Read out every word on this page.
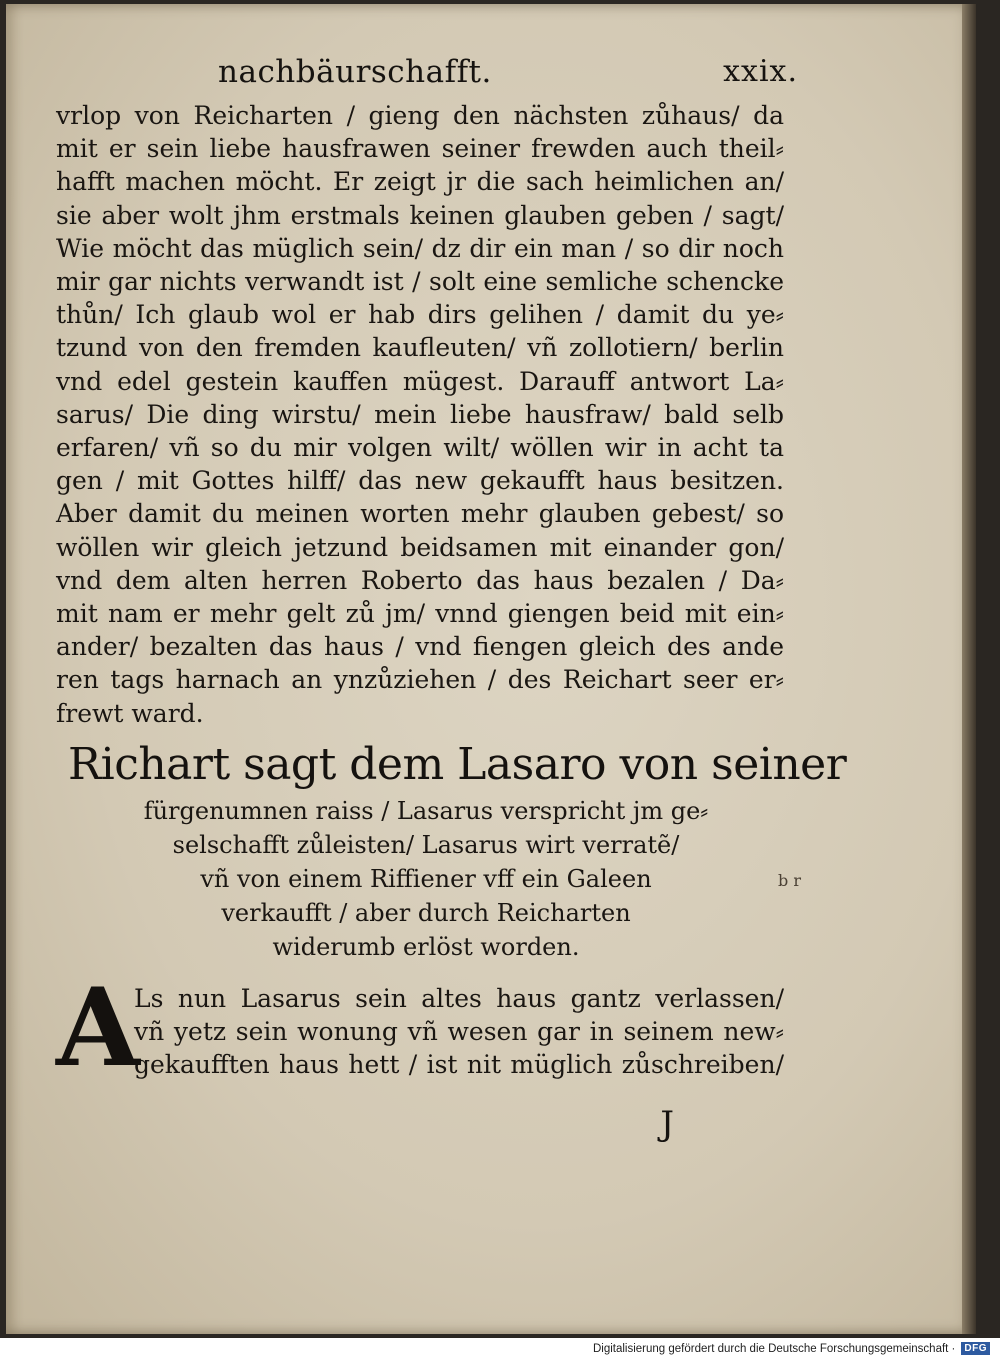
nachbäurschafft.	xxix.
vrlop von Reicharten / gieng den nächsten zůhaus/ da
mit er sein liebe hausfrawen seiner frewden auch theil⸗
hafft machen möcht. Er zeigt jr die sach heimlichen an/
sie aber wolt jhm erstmals keinen glauben geben / sagt/
Wie möcht das müglich sein/ dz dir ein man / so dir noch
mir gar nichts verwandt ist / solt eine semliche schencke
thůn/ Ich glaub wol er hab dirs gelihen / damit du ye⸗
tzund von den fremden kaufleuten/ vñ zollotiern/ berlin
vnd edel gestein kauffen mügest. Darauff antwort La⸗
sarus/ Die ding wirstu/ mein liebe hausfraw/ bald selb
erfaren/ vñ so du mir volgen wilt/ wöllen wir in acht ta
gen / mit Gottes hilff/ das new gekaufft haus besitzen.
Aber damit du meinen worten mehr glauben gebest/ so
wöllen wir gleich jetzund beidsamen mit einander gon/
vnd dem alten herren Roberto das haus bezalen / Da⸗
mit nam er mehr gelt zů jm/ vnnd giengen beid mit ein⸗
ander/ bezalten das haus / vnd fiengen gleich des ande
ren tags harnach an ynzůziehen / des Reichart seer er⸗
frewt ward.
Richart sagt dem Lasaro von seiner
fürgenumnen raiss / Lasarus verspricht jm ge⸗
selschafft zůleisten/ Lasarus wirt verratẽ/
vñ von einem Riffiener vff ein Galeen
verkaufft / aber durch Reicharten
widerumb erlöst worden.
b r
A
Ls nun Lasarus sein altes haus gantz verlassen/
vñ yetz sein wonung vñ wesen gar in seinem new⸗
gekaufften haus hett / ist nit müglich zůschreiben/
J
Digitalisierung gefördert durch die Deutsche Forschungsgemeinschaft · DFG
